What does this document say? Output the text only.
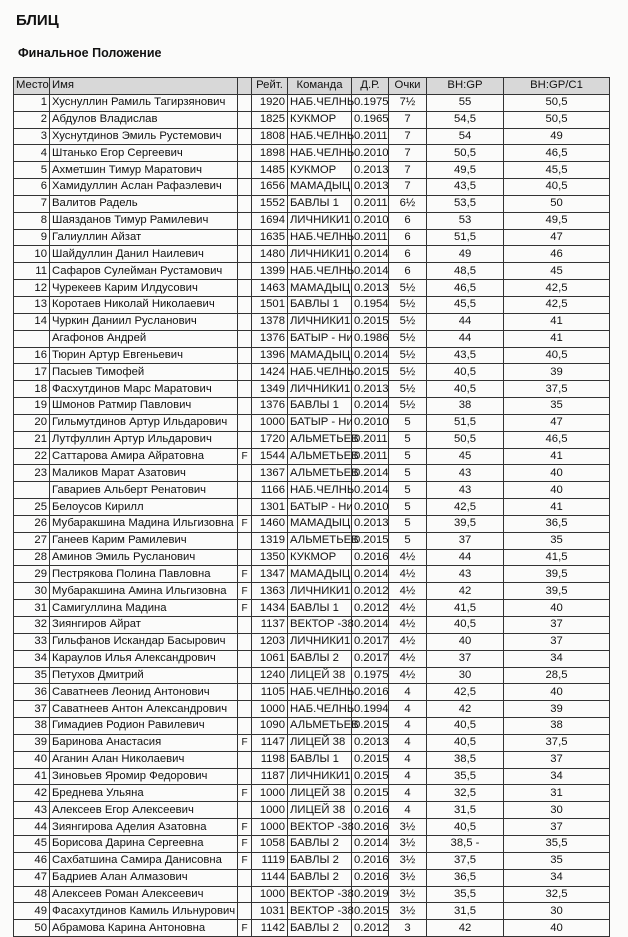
БЛИЦ
Финальное Положение
Место	Имя		Рейт.	Команда	Д.Р.	Очки	BH:GP	BH:GP/C1
1	Хуснуллин Рамиль Тагирзянович		1920	НАБ.ЧЕЛНЬ	0.1975	7½	55	50,5
2	Абдулов Владислав		1825	КУКМОР	0.1965	7	54,5	50,5
3	Хуснутдинов Эмиль Рустемович		1808	НАБ.ЧЕЛНЬ	0.2011	7	54	49
4	Штанько Егор Сергеевич		1898	НАБ.ЧЕЛНЬ	0.2010	7	50,5	46,5
5	Ахметшин Тимур Маратович		1485	КУКМОР	0.2013	7	49,5	45,5
6	Хамидуллин Аслан Рафаэлевич		1656	МАМАДЫЦ	0.2013	7	43,5	40,5
7	Валитов Радель		1552	БАВЛЫ 1	0.2011	6½	53,5	50
8	Шаязданов Тимур Рамилевич		1694	ЛИЧНИКИ1	0.2010	6	53	49,5
9	Галиуллин Айзат		1635	НАБ.ЧЕЛНЬ	0.2011	6	51,5	47
10	Шайдуллин Данил Наилевич		1480	ЛИЧНИКИ1	0.2014	6	49	46
11	Сафаров Сулейман Рустамович		1399	НАБ.ЧЕЛНЬ	0.2014	6	48,5	45
12	Чурекеев Карим Илдусович		1463	МАМАДЫЦ	0.2013	5½	46,5	42,5
13	Коротаев Николай Николаевич		1501	БАВЛЫ 1	0.1954	5½	45,5	42,5
14	Чуркин Даниил Русланович		1378	ЛИЧНИКИ1	0.2015	5½	44	41
	Агафонов Андрей		1376	БАТЫР - Ни	0.1986	5½	44	41
16	Тюрин Артур Евгеньевич		1396	МАМАДЫЦ	0.2014	5½	43,5	40,5
17	Пасыев Тимофей		1424	НАБ.ЧЕЛНЬ	0.2015	5½	40,5	39
18	Фасхутдинов Марс Маратович		1349	ЛИЧНИКИ1	0.2013	5½	40,5	37,5
19	Шмонов Ратмир Павлович		1376	БАВЛЫ 1	0.2014	5½	38	35
20	Гильмутдинов Артур Ильдарович		1000	БАТЫР - Ни	0.2010	5	51,5	47
21	Лутфуллин Артур Ильдарович		1720	АЛЬМЕТЬЕВ	0.2011	5	50,5	46,5
22	Саттарова Амира Айратовна	F	1544	АЛЬМЕТЬЕВ	0.2011	5	45	41
23	Маликов Марат Азатович		1367	АЛЬМЕТЬЕВ	0.2014	5	43	40
	Гавариев Альберт Ренатович		1166	НАБ.ЧЕЛНЬ	0.2014	5	43	40
25	Белоусов Кирилл		1301	БАТЫР - Ни	0.2010	5	42,5	41
26	Мубаракшина Мадина Ильгизовна	F	1460	МАМАДЫЦ	0.2013	5	39,5	36,5
27	Ганеев Карим Рамилевич		1319	АЛЬМЕТЬЕВ	0.2015	5	37	35
28	Аминов Эмиль Русланович		1350	КУКМОР	0.2016	4½	44	41,5
29	Пестрякова Полина Павловна	F	1347	МАМАДЫЦ	0.2014	4½	43	39,5
30	Мубаракшина Амина Ильгизовна	F	1363	ЛИЧНИКИ1	0.2012	4½	42	39,5
31	Самигуллина Мадина	F	1434	БАВЛЫ 1	0.2012	4½	41,5	40
32	Зиянгиров Айрат		1137	ВЕКТОР -38	0.2014	4½	40,5	37
33	Гильфанов Искандар Басырович		1203	ЛИЧНИКИ1	0.2017	4½	40	37
34	Караулов Илья Александрович		1061	БАВЛЫ 2	0.2017	4½	37	34
35	Петухов Дмитрий		1240	ЛИЦЕЙ 38	0.1975	4½	30	28,5
36	Саватнеев Леонид Антонович		1105	НАБ.ЧЕЛНЬ	0.2016	4	42,5	40
37	Саватнеев Антон Александрович		1000	НАБ.ЧЕЛНЬ	0.1994	4	42	39
38	Гимадиев Родион Равилевич		1090	АЛЬМЕТЬЕВ	0.2015	4	40,5	38
39	Баринова Анастасия	F	1147	ЛИЦЕЙ 38	0.2013	4	40,5	37,5
40	Аганин Алан Николаевич		1198	БАВЛЫ 1	0.2015	4	38,5	37
41	Зиновьев Яромир Федорович		1187	ЛИЧНИКИ1	0.2015	4	35,5	34
42	Бреднева Ульяна	F	1000	ЛИЦЕЙ 38	0.2015	4	32,5	31
43	Алексеев Егор Алексеевич		1000	ЛИЦЕЙ 38	0.2016	4	31,5	30
44	Зиянгирова Аделия Азатовна	F	1000	ВЕКТОР -38	0.2016	3½	40,5	37
45	Борисова Дарина Сергеевна	F	1058	БАВЛЫ 2	0.2014	3½	38,5 -	35,5
46	Сахбатшина Самира Данисовна	F	1119	БАВЛЫ 2	0.2016	3½	37,5	35
47	Бадриев Алан Алмазович		1144	БАВЛЫ 2	0.2016	3½	36,5	34
48	Алексеев Роман Алексеевич		1000	ВЕКТОР -38	0.2019	3½	35,5	32,5
49	Фасахутдинов Камиль Ильнурович		1031	ВЕКТОР -38	0.2015	3½	31,5	30
50	Абрамова Карина Антоновна	F	1142	БАВЛЫ 2	0.2012	3	42	40
